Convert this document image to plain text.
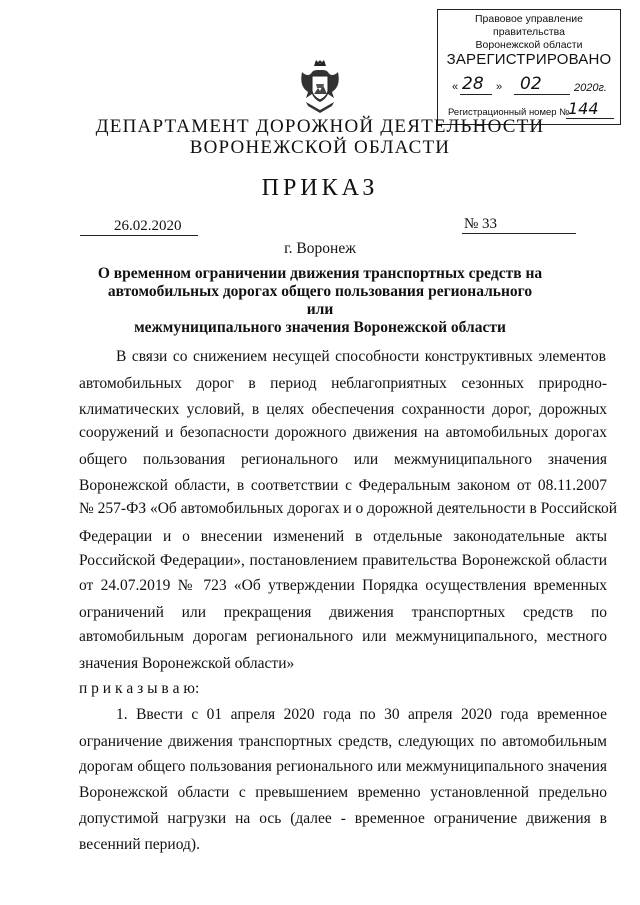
Правовое управление правительства
Воронежской области
ЗАРЕГИСТРИРОВАНО
« 28 » 02	2020г.
Регистрационный номер №
144
ДЕПАРТАМЕНТ ДОРОЖНОЙ ДЕЯТЕЛЬНОСТИ
ВОРОНЕЖСКОЙ ОБЛАСТИ
ПРИКАЗ
26.02.2020	№ 33
г. Воронеж
О временном ограничении движения транспортных средств на
автомобильных дорогах общего пользования регионального или
межмуниципального значения Воронежской области
В связи со снижением несущей способности конструктивных элементов
автомобильных дорог в период неблагоприятных сезонных природно-
климатических условий, в целях обеспечения сохранности дорог, дорожных
сооружений и безопасности дорожного движения на автомобильных дорогах
общего пользования регионального или межмуниципального значения
Воронежской области, в соответствии с Федеральным законом от 08.11.2007
№ 257-ФЗ «Об автомобильных дорогах и о дорожной деятельности в Российской
Федерации и о внесении изменений в отдельные законодательные акты
Российской Федерации», постановлением правительства Воронежской области
от 24.07.2019 № 723 «Об утверждении Порядка осуществления временных
ограничений или прекращения движения транспортных средств по
автомобильным дорогам регионального или межмуниципального, местного
значения Воронежской области»
п р и к а з ы в а ю:
1. Ввести с 01 апреля 2020 года по 30 апреля 2020 года временное
ограничение движения транспортных средств, следующих по автомобильным
дорогам общего пользования регионального или межмуниципального значения
Воронежской области с превышением временно установленной предельно
допустимой нагрузки на ось (далее - временное ограничение движения в
весенний период).
